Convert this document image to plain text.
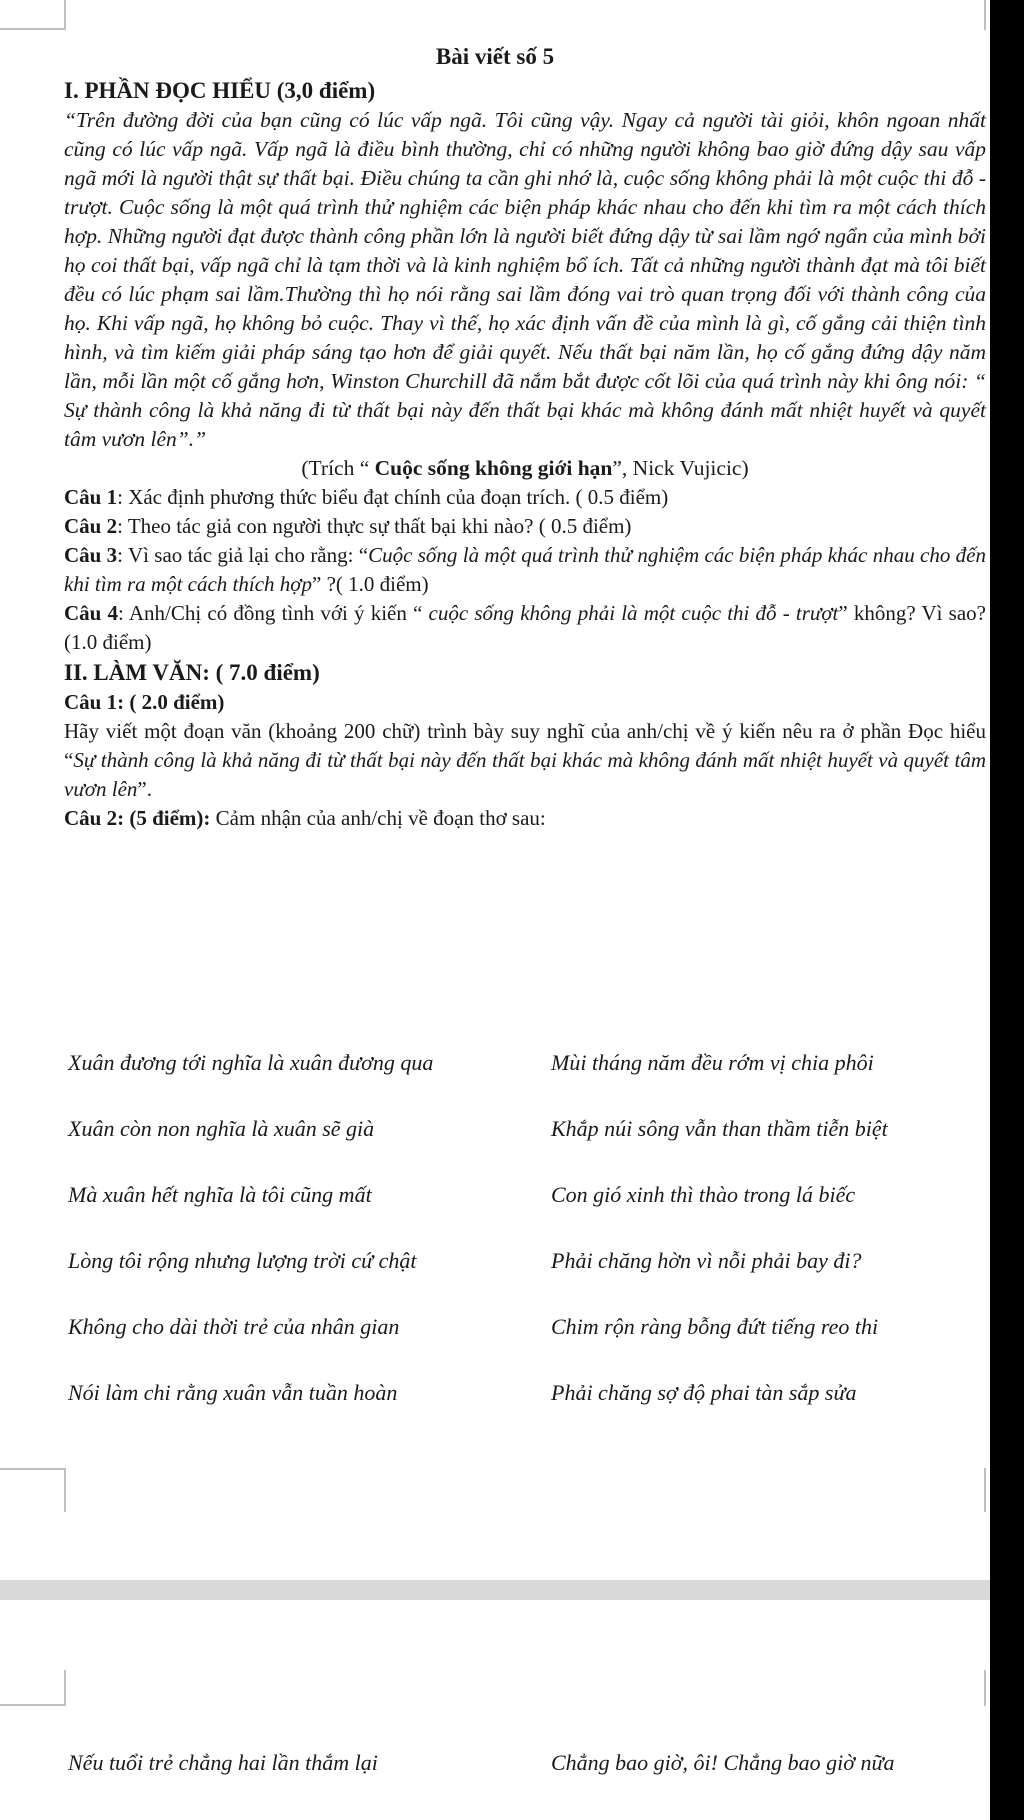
Bài viết số 5

I. PHẦN ĐỌC HIỂU (3,0 điểm)

“Trên đường đời của bạn cũng có lúc vấp ngã. Tôi cũng vậy. Ngay cả người tài giỏi, khôn ngoan nhất cũng có lúc vấp ngã. Vấp ngã là điều bình thường, chỉ có những người không bao giờ đứng dậy sau vấp ngã mới là người thật sự thất bại. Điều chúng ta cần ghi nhớ là, cuộc sống không phải là một cuộc thi đỗ - trượt. Cuộc sống là một quá trình thử nghiệm các biện pháp khác nhau cho đến khi tìm ra một cách thích hợp. Những người đạt được thành công phần lớn là người biết đứng dậy từ sai lầm ngớ ngẩn của mình bởi họ coi thất bại, vấp ngã chỉ là tạm thời và là kinh nghiệm bổ ích. Tất cả những người thành đạt mà tôi biết đều có lúc phạm sai lầm.Thường thì họ nói rằng sai lầm đóng vai trò quan trọng đối với thành công của họ. Khi vấp ngã, họ không bỏ cuộc. Thay vì thế, họ xác định vấn đề của mình là gì, cố gắng cải thiện tình hình, và tìm kiếm giải pháp sáng tạo hơn để giải quyết. Nếu thất bại năm lần, họ cố gắng đứng dậy năm lần, mỗi lần một cố gắng hơn, Winston Churchill đã nắm bắt được cốt lõi của quá trình này khi ông nói: “ Sự thành công là khả năng đi từ thất bại này đến thất bại khác mà không đánh mất nhiệt huyết và quyết tâm vươn lên”.”

(Trích “ Cuộc sống không giới hạn”, Nick Vujicic)

Câu 1: Xác định phương thức biểu đạt chính của đoạn trích. ( 0.5 điểm)

Câu 2: Theo tác giả con người thực sự thất bại khi nào? ( 0.5 điểm)

Câu 3: Vì sao tác giả lại cho rằng: “Cuộc sống là một quá trình thử nghiệm các biện pháp khác nhau cho đến khi tìm ra một cách thích hợp” ?( 1.0 điểm)

Câu 4: Anh/Chị có đồng tình với ý kiến “ cuộc sống không phải là một cuộc thi đỗ - trượt” không? Vì sao? (1.0 điểm)

II. LÀM VĂN: ( 7.0 điểm)

Câu 1: ( 2.0 điểm)

Hãy viết một đoạn văn (khoảng 200 chữ) trình bày suy nghĩ của anh/chị về ý kiến nêu ra ở phần Đọc hiểu “Sự thành công là khả năng đi từ thất bại này đến thất bại khác mà không đánh mất nhiệt huyết và quyết tâm vươn lên”.

Câu 2: (5 điểm): Cảm nhận của anh/chị về đoạn thơ sau:

Xuân đương tới nghĩa là xuân đương qua	Mùi tháng năm đều rớm vị chia phôi
Xuân còn non nghĩa là xuân sẽ già	Khắp núi sông vẫn than thầm tiễn biệt
Mà xuân hết nghĩa là tôi cũng mất	Con gió xinh thì thào trong lá biếc
Lòng tôi rộng nhưng lượng trời cứ chật	Phải chăng hờn vì nỗi phải bay đi?
Không cho dài thời trẻ của nhân gian	Chim rộn ràng bỗng đứt tiếng reo thi
Nói làm chi rằng xuân vẫn tuần hoàn	Phải chăng sợ độ phai tàn sắp sửa
Nếu tuổi trẻ chẳng hai lần thắm lại	Chẳng bao giờ, ôi! Chẳng bao giờ nữa
